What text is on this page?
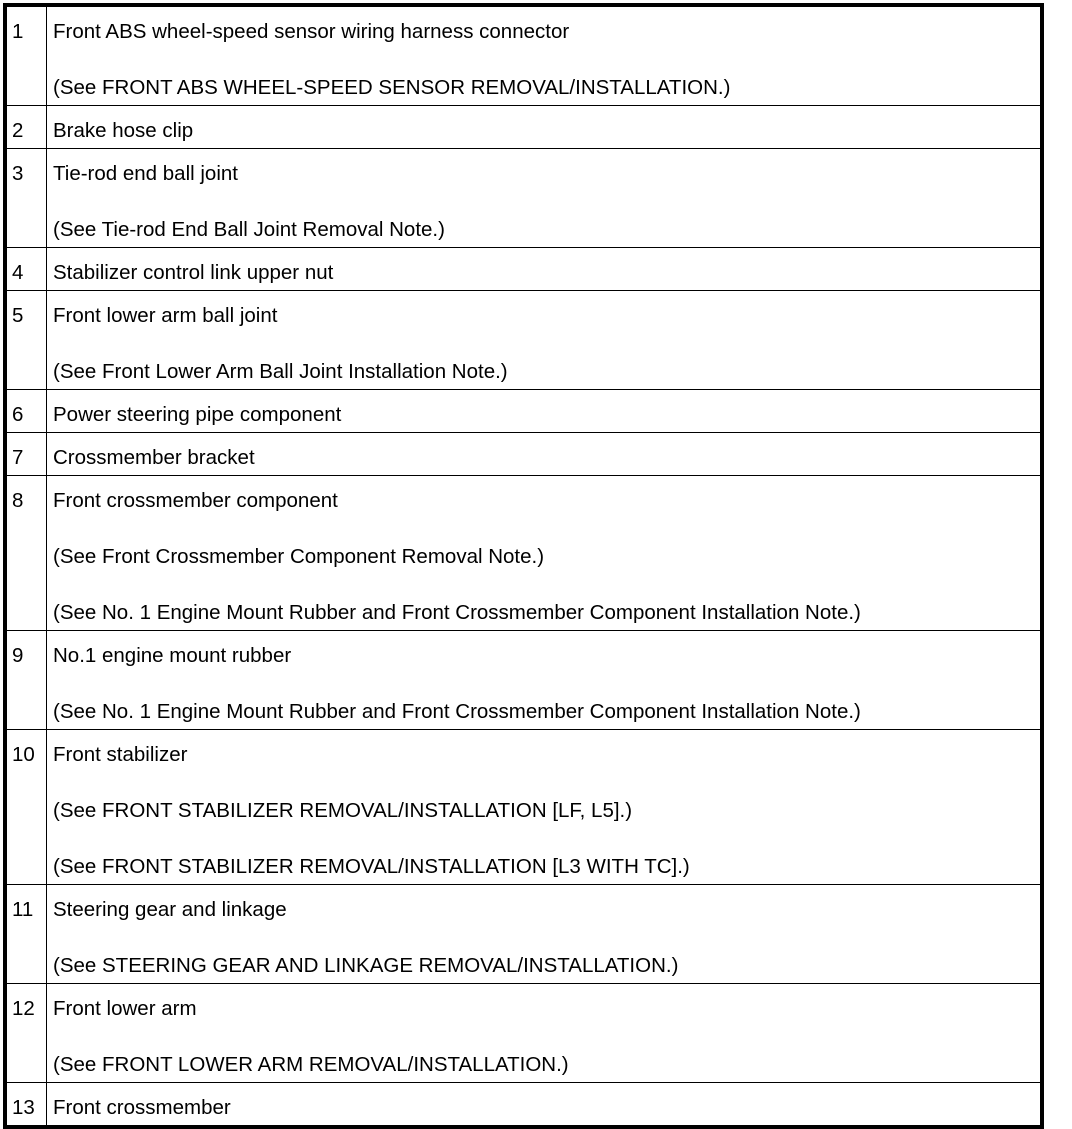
1	Front ABS wheel-speed sensor wiring harness connector
(See FRONT ABS WHEEL-SPEED SENSOR REMOVAL/INSTALLATION.)

2	Brake hose clip

3	Tie-rod end ball joint
(See Tie-rod End Ball Joint Removal Note.)

4	Stabilizer control link upper nut

5	Front lower arm ball joint
(See Front Lower Arm Ball Joint Installation Note.)

6	Power steering pipe component

7	Crossmember bracket

8	Front crossmember component
(See Front Crossmember Component Removal Note.)
(See No. 1 Engine Mount Rubber and Front Crossmember Component Installation Note.)

9	No.1 engine mount rubber
(See No. 1 Engine Mount Rubber and Front Crossmember Component Installation Note.)

10	Front stabilizer
(See FRONT STABILIZER REMOVAL/INSTALLATION [LF, L5].)
(See FRONT STABILIZER REMOVAL/INSTALLATION [L3 WITH TC].)

11	Steering gear and linkage
(See STEERING GEAR AND LINKAGE REMOVAL/INSTALLATION.)

12	Front lower arm
(See FRONT LOWER ARM REMOVAL/INSTALLATION.)

13	Front crossmember
